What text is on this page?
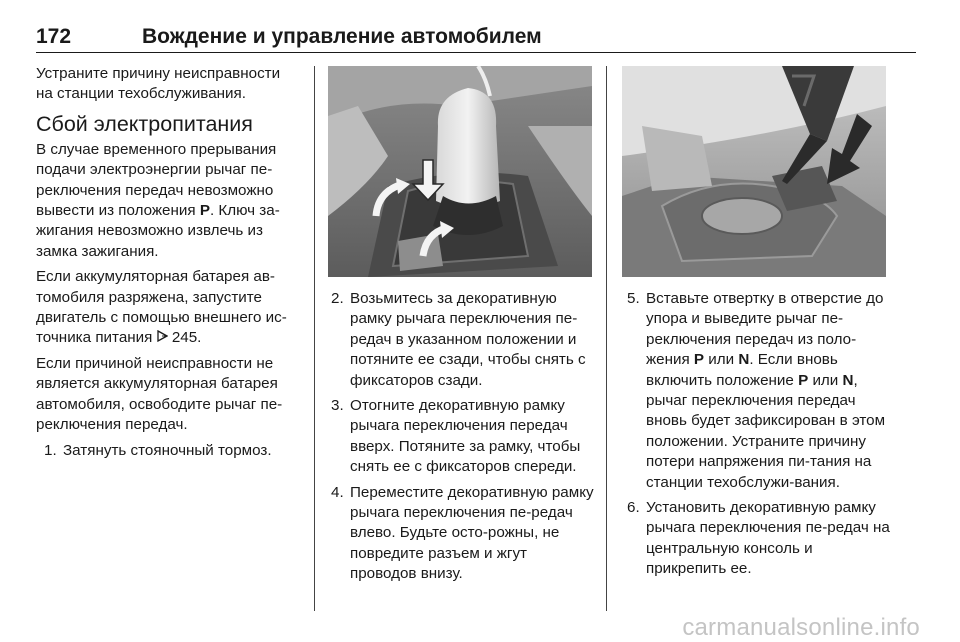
172	Вождение и управление автомобилем

Устраните причину неисправности на станции техобслуживания.

Сбой электропитания

В случае временного прерывания подачи электроэнергии рычаг пе-реключения передач невозможно вывести из положения P. Ключ за-жигания невозможно извлечь из замка зажигания.

Если аккумуляторная батарея ав-томобиля разряжена, запустите двигатель с помощью внешнего ис-точника питания  245.

Если причиной неисправности не является аккумуляторная батарея автомобиля, освободите рычаг пе-реключения передач.

1. Затянуть стояночный тормоз.
2. Возьмитесь за декоративную рамку рычага переключения пе-редач в указанном положении и потяните ее сзади, чтобы снять с фиксаторов сзади.
3. Отогните декоративную рамку рычага переключения передач вверх. Потяните за рамку, чтобы снять ее с фиксаторов спереди.
4. Переместите декоративную рамку рычага переключения пе-редач влево. Будьте осто-рожны, не повредите разъем и жгут проводов внизу.
5. Вставьте отвертку в отверстие до упора и выведите рычаг пе-реключения передач из поло-жения P или N. Если вновь включить положение P или N, рычаг переключения передач вновь будет зафиксирован в этом положении. Устраните причину потери напряжения пи-тания на станции техобслужи-вания.
6. Установить декоративную рамку рычага переключения пе-редач на центральную консоль и прикрепить ее.
carmanualsonline.info
